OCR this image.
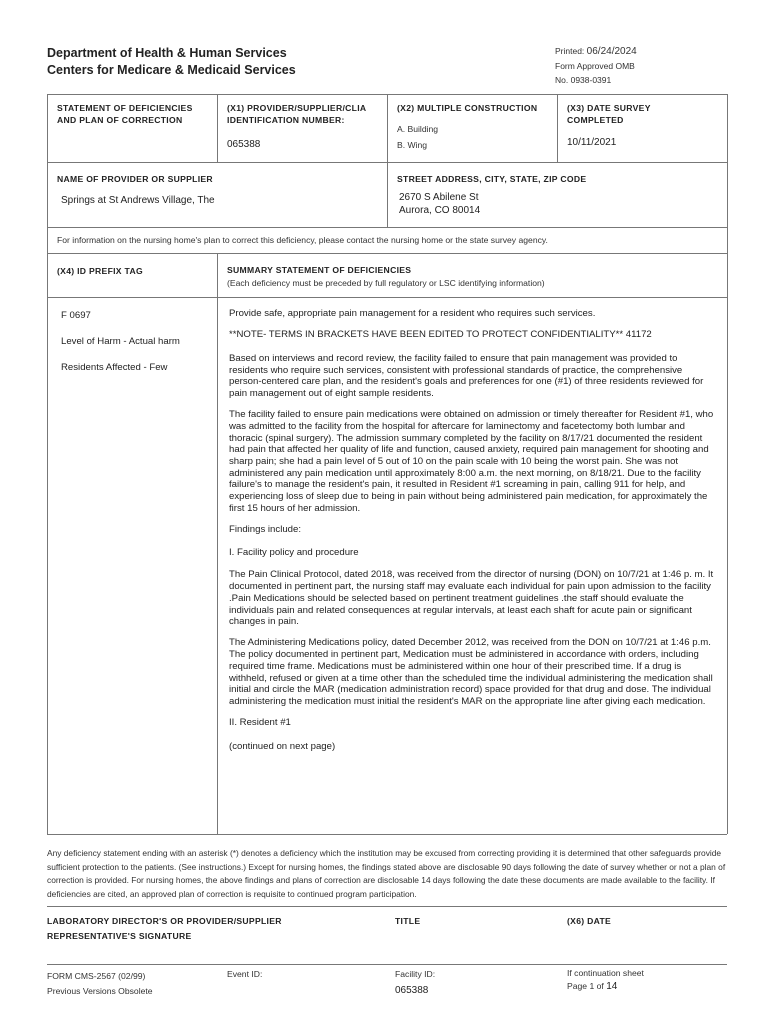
Department of Health & Human Services
Centers for Medicare & Medicaid Services
Printed: 06/24/2024
Form Approved OMB
No. 0938-0391
STATEMENT OF DEFICIENCIES
AND PLAN OF CORRECTION
(X1) PROVIDER/SUPPLIER/CLIA
IDENTIFICATION NUMBER:
065388
(X2) MULTIPLE CONSTRUCTION
A. Building
B. Wing
(X3) DATE SURVEY
COMPLETED
10/11/2021
NAME OF PROVIDER OR SUPPLIER
Springs at St Andrews Village, The
STREET ADDRESS, CITY, STATE, ZIP CODE
2670 S Abilene St
Aurora, CO 80014
For information on the nursing home's plan to correct this deficiency, please contact the nursing home or the state survey agency.
(X4) ID PREFIX TAG	SUMMARY STATEMENT OF DEFICIENCIES
(Each deficiency must be preceded by full regulatory or LSC identifying information)
F 0697
Level of Harm - Actual harm
Residents Affected - Few

Provide safe, appropriate pain management for a resident who requires such services.

**NOTE- TERMS IN BRACKETS HAVE BEEN EDITED TO PROTECT CONFIDENTIALITY** 41172

Based on interviews and record review, the facility failed to ensure that pain management was provided to residents who require such services, consistent with professional standards of practice, the comprehensive person-centered care plan, and the resident's goals and preferences for one (#1) of three residents reviewed for pain management out of eight sample residents.

The facility failed to ensure pain medications were obtained on admission or timely thereafter for Resident #1, who was admitted to the facility from the hospital for aftercare for laminectomy and facetectomy both lumbar and thoracic (spinal surgery). The admission summary completed by the facility on 8/17/21 documented the resident had pain that affected her quality of life and function, caused anxiety, required pain management for shooting and sharp pain; she had a pain level of 5 out of 10 on the pain scale with 10 being the worst pain. She was not administered any pain medication until approximately 8:00 a.m. the next morning, on 8/18/21. Due to the facility failure's to manage the resident's pain, it resulted in Resident #1 screaming in pain, calling 911 for help, and experiencing loss of sleep due to being in pain without being administered pain medication, for approximately the first 15 hours of her admission.

Findings include:

I. Facility policy and procedure

The Pain Clinical Protocol, dated 2018, was received from the director of nursing (DON) on 10/7/21 at 1:46 p. m. It documented in pertinent part, the nursing staff may evaluate each individual for pain upon admission to the facility .Pain Medications should be selected based on pertinent treatment guidelines .the staff should evaluate the individuals pain and related consequences at regular intervals, at least each shaft for acute pain or significant changes in pain.

The Administering Medications policy, dated December 2012, was received from the DON on 10/7/21 at 1:46 p.m. The policy documented in pertinent part, Medication must be administered in accordance with orders, including required time frame. Medications must be administered within one hour of their prescribed time. If a drug is withheld, refused or given at a time other than the scheduled time the individual administering the medication shall initial and circle the MAR (medication administration record) space provided for that drug and dose. The individual administering the medication must initial the resident's MAR on the appropriate line after giving each medication.

II. Resident #1

(continued on next page)

Any deficiency statement ending with an asterisk (*) denotes a deficiency which the institution may be excused from correcting providing it is determined that other safeguards provide sufficient protection to the patients. (See instructions.) Except for nursing homes, the findings stated above are disclosable 90 days following the date of survey whether or not a plan of correction is provided. For nursing homes, the above findings and plans of correction are disclosable 14 days following the date these documents are made available to the facility. If deficiencies are cited, an approved plan of correction is requisite to continued program participation.
LABORATORY DIRECTOR'S OR PROVIDER/SUPPLIER
REPRESENTATIVE'S SIGNATURE
TITLE	(X6) DATE
FORM CMS-2567 (02/99)
Previous Versions Obsolete
Event ID:	Facility ID:
065388
If continuation sheet
Page 1 of 14
